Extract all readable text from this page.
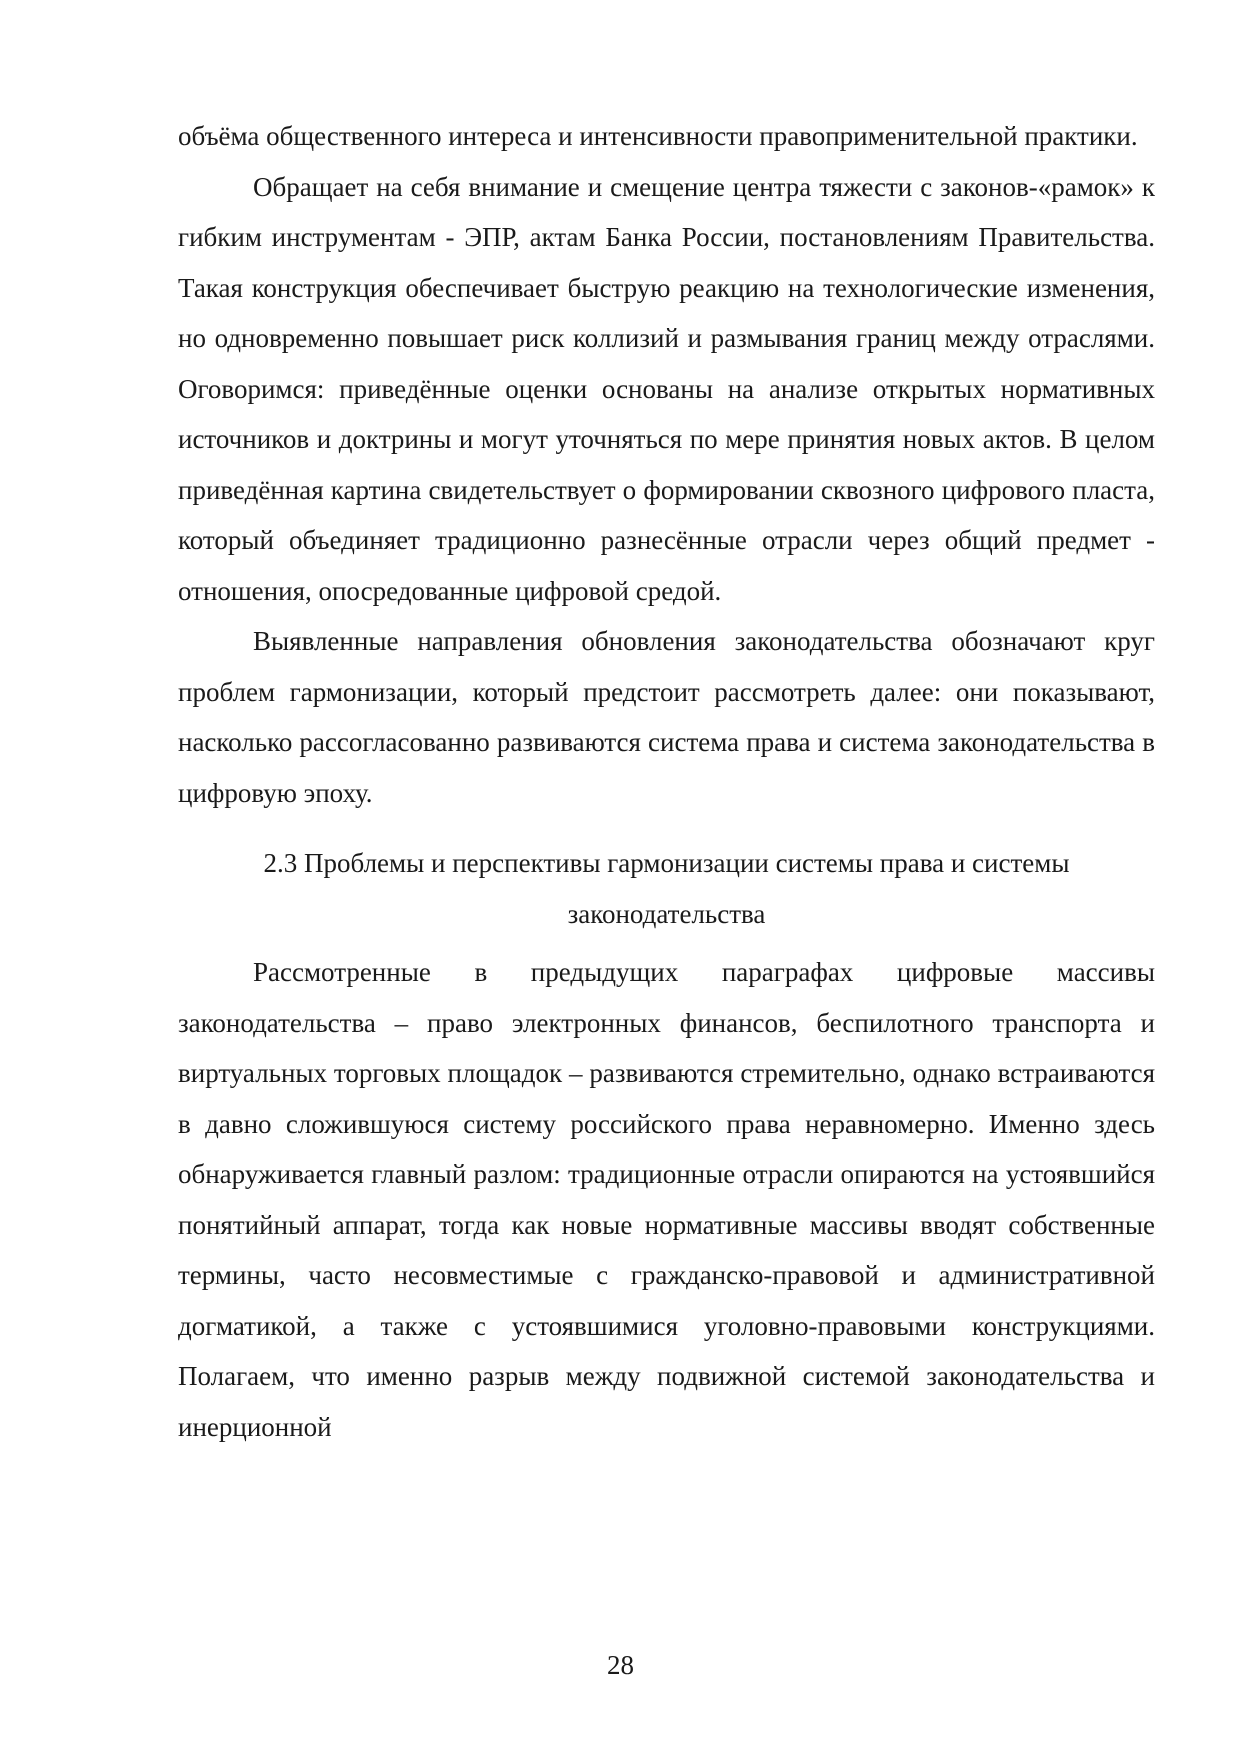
объёма общественного интереса и интенсивности правоприменительной практики.

Обращает на себя внимание и смещение центра тяжести с законов-«рамок» к гибким инструментам - ЭПР, актам Банка России, постановлениям Правительства. Такая конструкция обеспечивает быструю реакцию на технологические изменения, но одновременно повышает риск коллизий и размывания границ между отраслями. Оговоримся: приведённые оценки основаны на анализе открытых нормативных источников и доктрины и могут уточняться по мере принятия новых актов. В целом приведённая картина свидетельствует о формировании сквозного цифрового пласта, который объединяет традиционно разнесённые отрасли через общий предмет - отношения, опосредованные цифровой средой.

Выявленные направления обновления законодательства обозначают круг проблем гармонизации, который предстоит рассмотреть далее: они показывают, насколько рассогласованно развиваются система права и система законодательства в цифровую эпоху.

2.3 Проблемы и перспективы гармонизации системы права и системы законодательства

Рассмотренные в предыдущих параграфах цифровые массивы законодательства – право электронных финансов, беспилотного транспорта и виртуальных торговых площадок – развиваются стремительно, однако встраиваются в давно сложившуюся систему российского права неравномерно. Именно здесь обнаруживается главный разлом: традиционные отрасли опираются на устоявшийся понятийный аппарат, тогда как новые нормативные массивы вводят собственные термины, часто несовместимые с гражданско-правовой и административной догматикой, а также с устоявшимися уголовно-правовыми конструкциями. Полагаем, что именно разрыв между подвижной системой законодательства и инерционной

28
